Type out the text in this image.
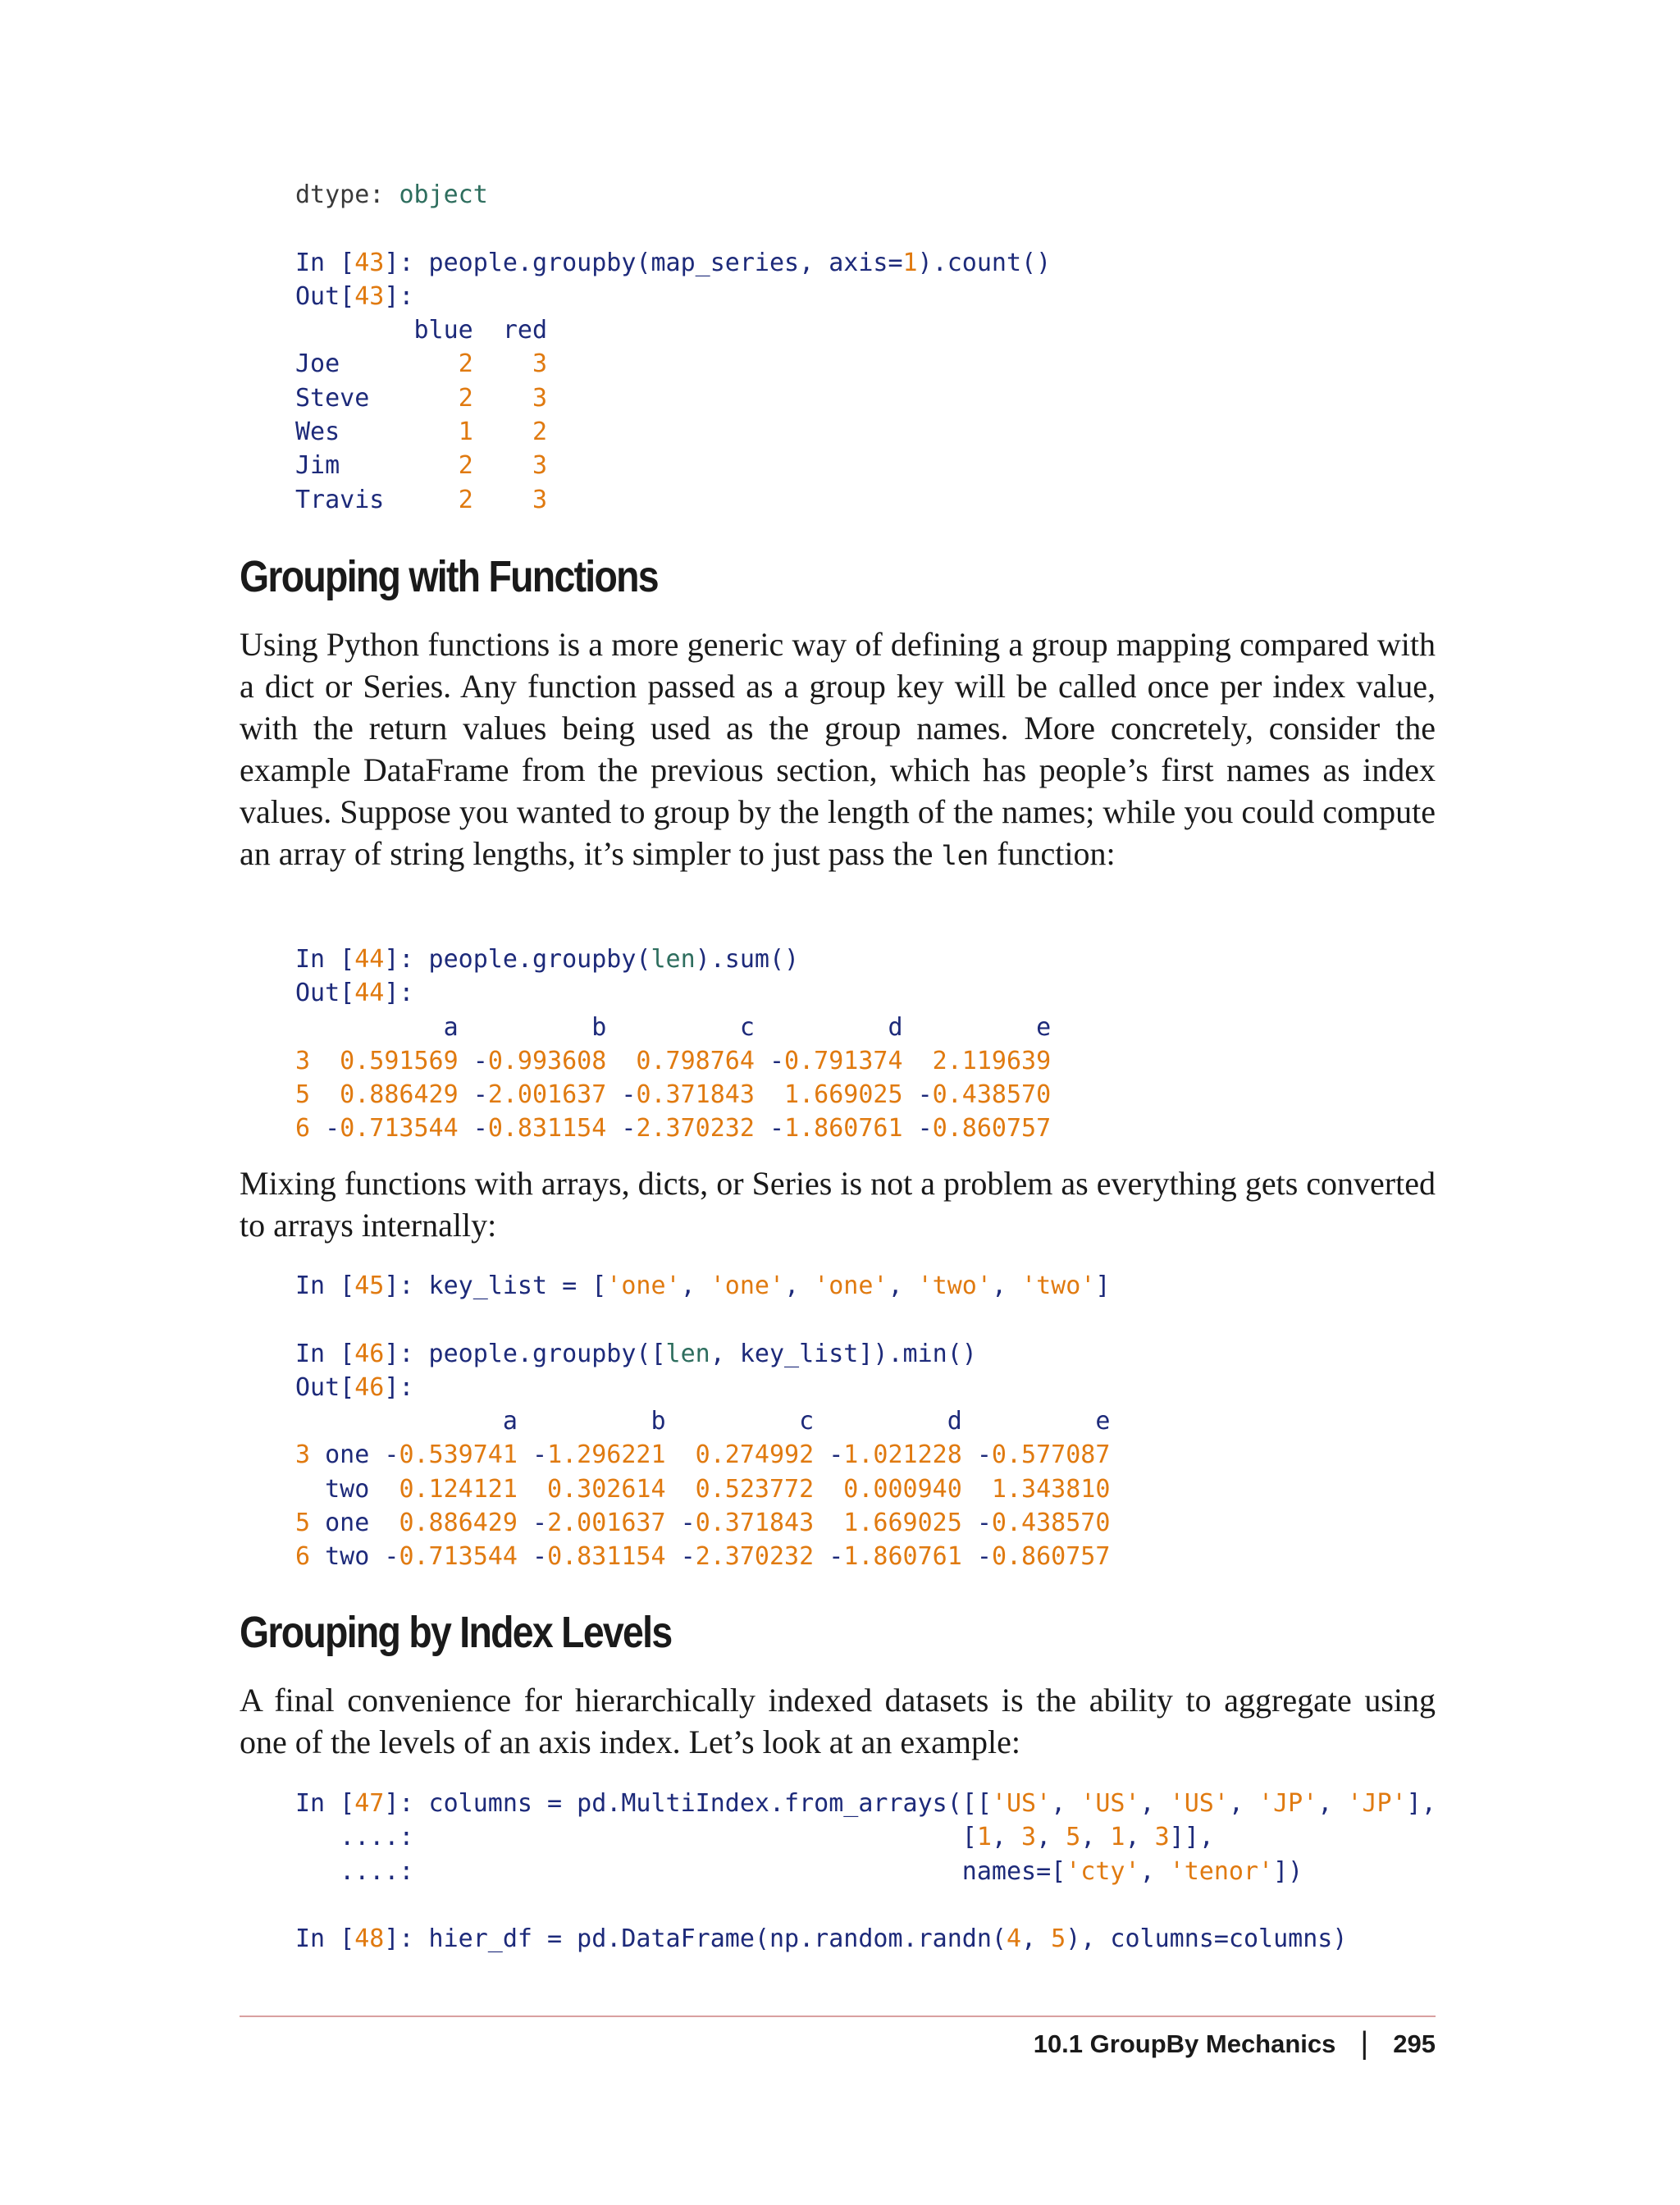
dtype: object
In [43]: people.groupby(map_series, axis=1).count()
Out[43]:
blue  red
Joe        2    3
Steve      2    3
Wes        1    2
Jim        2    3
Travis     2    3
Grouping with Functions

Using Python functions is a more generic way of defining a group mapping compared with a dict or Series. Any function passed as a group key will be called once per index value, with the return values being used as the group names. More concretely, consider the example DataFrame from the previous section, which has people’s first names as index values. Suppose you wanted to group by the length of the names; while you could compute an array of string lengths, it’s simpler to just pass the len function:

In [44]: people.groupby(len).sum()
Out[44]:
a         b         c         d         e
3  0.591569 -0.993608  0.798764 -0.791374  2.119639
5  0.886429 -2.001637 -0.371843  1.669025 -0.438570
6 -0.713544 -0.831154 -2.370232 -1.860761 -0.860757

Mixing functions with arrays, dicts, or Series is not a problem as everything gets converted to arrays internally:

In [45]: key_list = ['one', 'one', 'one', 'two', 'two']
In [46]: people.groupby([len, key_list]).min()
Out[46]:
a         b         c         d         e
3 one -0.539741 -1.296221  0.274992 -1.021228 -0.577087
two  0.124121  0.302614  0.523772  0.000940  1.343810
5 one  0.886429 -2.001637 -0.371843  1.669025 -0.438570
6 two -0.713544 -0.831154 -2.370232 -1.860761 -0.860757
Grouping by Index Levels

A final convenience for hierarchically indexed datasets is the ability to aggregate using one of the levels of an axis index. Let’s look at an example:

In [47]: columns = pd.MultiIndex.from_arrays([['US', 'US', 'US', 'JP', 'JP'],
....:                                     [1, 3, 5, 1, 3]],
....:                                     names=['cty', 'tenor'])
In [48]: hier_df = pd.DataFrame(np.random.randn(4, 5), columns=columns)
10.1 GroupBy Mechanics | 295
